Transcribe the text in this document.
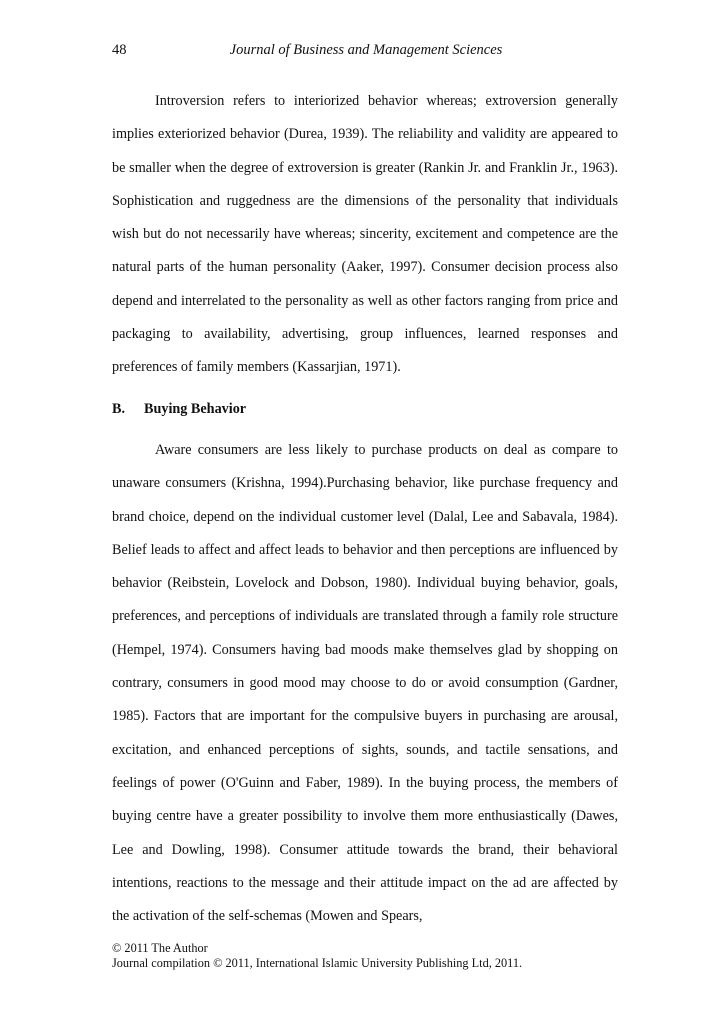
48	Journal of Business and Management Sciences

Introversion refers to interiorized behavior whereas; extroversion generally implies exteriorized behavior (Durea, 1939). The reliability and validity are appeared to be smaller when the degree of extroversion is greater (Rankin Jr. and Franklin Jr., 1963). Sophistication and ruggedness are the dimensions of the personality that individuals wish but do not necessarily have whereas; sincerity, excitement and competence are the natural parts of the human personality (Aaker, 1997). Consumer decision process also depend and interrelated to the personality as well as other factors ranging from price and packaging to availability, advertising, group influences, learned responses and preferences of family members (Kassarjian, 1971).

B. Buying Behavior

Aware consumers are less likely to purchase products on deal as compare to unaware consumers (Krishna, 1994).Purchasing behavior, like purchase frequency and brand choice, depend on the individual customer level (Dalal, Lee and Sabavala, 1984). Belief leads to affect and affect leads to behavior and then perceptions are influenced by behavior (Reibstein, Lovelock and Dobson, 1980). Individual buying behavior, goals, preferences, and perceptions of individuals are translated through a family role structure (Hempel, 1974). Consumers having bad moods make themselves glad by shopping on contrary, consumers in good mood may choose to do or avoid consumption (Gardner, 1985). Factors that are important for the compulsive buyers in purchasing are arousal, excitation, and enhanced perceptions of sights, sounds, and tactile sensations, and feelings of power (O'Guinn and Faber, 1989). In the buying process, the members of buying centre have a greater possibility to involve them more enthusiastically (Dawes, Lee and Dowling, 1998). Consumer attitude towards the brand, their behavioral intentions, reactions to the message and their attitude impact on the ad are affected by the activation of the self-schemas (Mowen and Spears,

© 2011 The Author
Journal compilation © 2011, International Islamic University Publishing Ltd, 2011.
